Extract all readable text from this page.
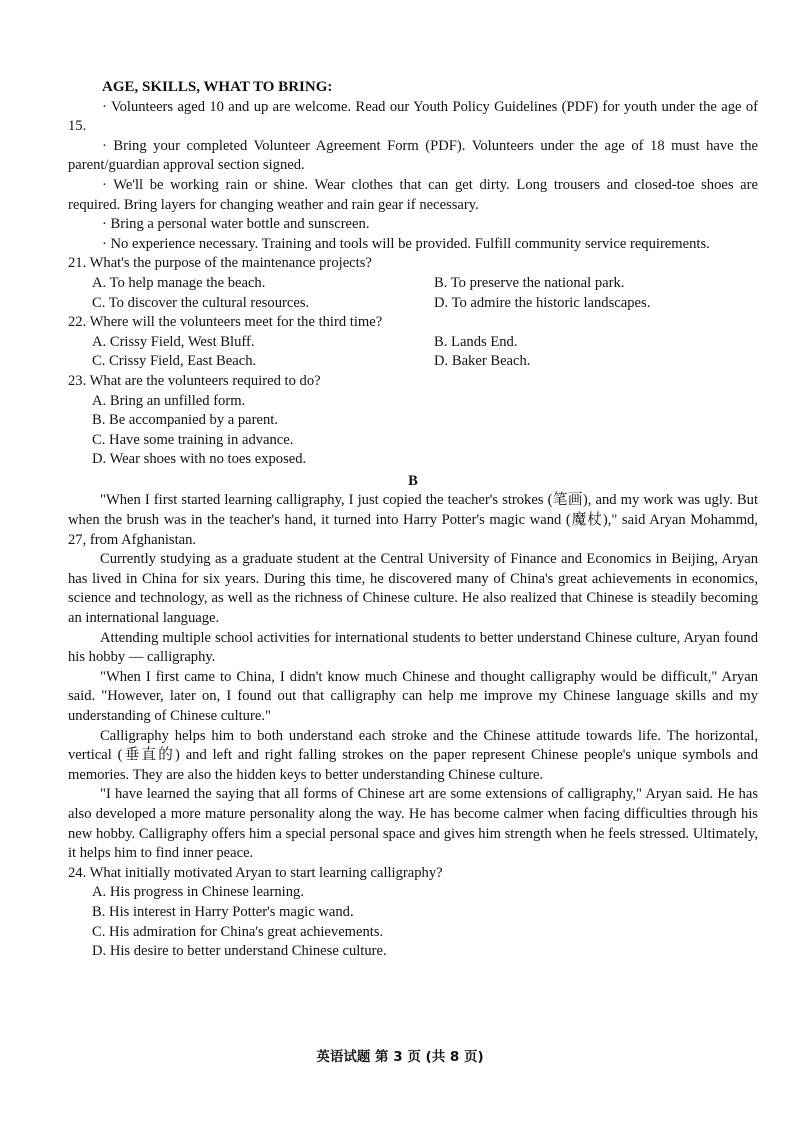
AGE, SKILLS, WHAT TO BRING:

· Volunteers aged 10 and up are welcome. Read our Youth Policy Guidelines (PDF) for youth under the age of 15.

· Bring your completed Volunteer Agreement Form (PDF). Volunteers under the age of 18 must have the parent/guardian approval section signed.

· We'll be working rain or shine. Wear clothes that can get dirty. Long trousers and closed-toe shoes are required. Bring layers for changing weather and rain gear if necessary.

· Bring a personal water bottle and sunscreen.

· No experience necessary. Training and tools will be provided. Fulfill community service requirements.

21. What's the purpose of the maintenance projects?

A. To help manage the beach.	B. To preserve the national park.

C. To discover the cultural resources.	D. To admire the historic landscapes.

22. Where will the volunteers meet for the third time?

A. Crissy Field, West Bluff.	B. Lands End.

C. Crissy Field, East Beach.	D. Baker Beach.

23. What are the volunteers required to do?

A. Bring an unfilled form.

B. Be accompanied by a parent.

C. Have some training in advance.

D. Wear shoes with no toes exposed.

B

"When I first started learning calligraphy, I just copied the teacher's strokes (笔画), and my work was ugly. But when the brush was in the teacher's hand, it turned into Harry Potter's magic wand (魔杖)," said Aryan Mohammd, 27, from Afghanistan.

Currently studying as a graduate student at the Central University of Finance and Economics in Beijing, Aryan has lived in China for six years. During this time, he discovered many of China's great achievements in economics, science and technology, as well as the richness of Chinese culture. He also realized that Chinese is steadily becoming an international language.

Attending multiple school activities for international students to better understand Chinese culture, Aryan found his hobby — calligraphy.

"When I first came to China, I didn't know much Chinese and thought calligraphy would be difficult," Aryan said. "However, later on, I found out that calligraphy can help me improve my Chinese language skills and my understanding of Chinese culture."

Calligraphy helps him to both understand each stroke and the Chinese attitude towards life. The horizontal, vertical (垂直的) and left and right falling strokes on the paper represent Chinese people's unique symbols and memories. They are also the hidden keys to better understanding Chinese culture.

"I have learned the saying that all forms of Chinese art are some extensions of calligraphy," Aryan said. He has also developed a more mature personality along the way. He has become calmer when facing difficulties through his new hobby. Calligraphy offers him a special personal space and gives him strength when he feels stressed. Ultimately, it helps him to find inner peace.

24. What initially motivated Aryan to start learning calligraphy?

A. His progress in Chinese learning.

B. His interest in Harry Potter's magic wand.

C. His admiration for China's great achievements.

D. His desire to better understand Chinese culture.

英语试题 第 3 页 (共 8 页)
